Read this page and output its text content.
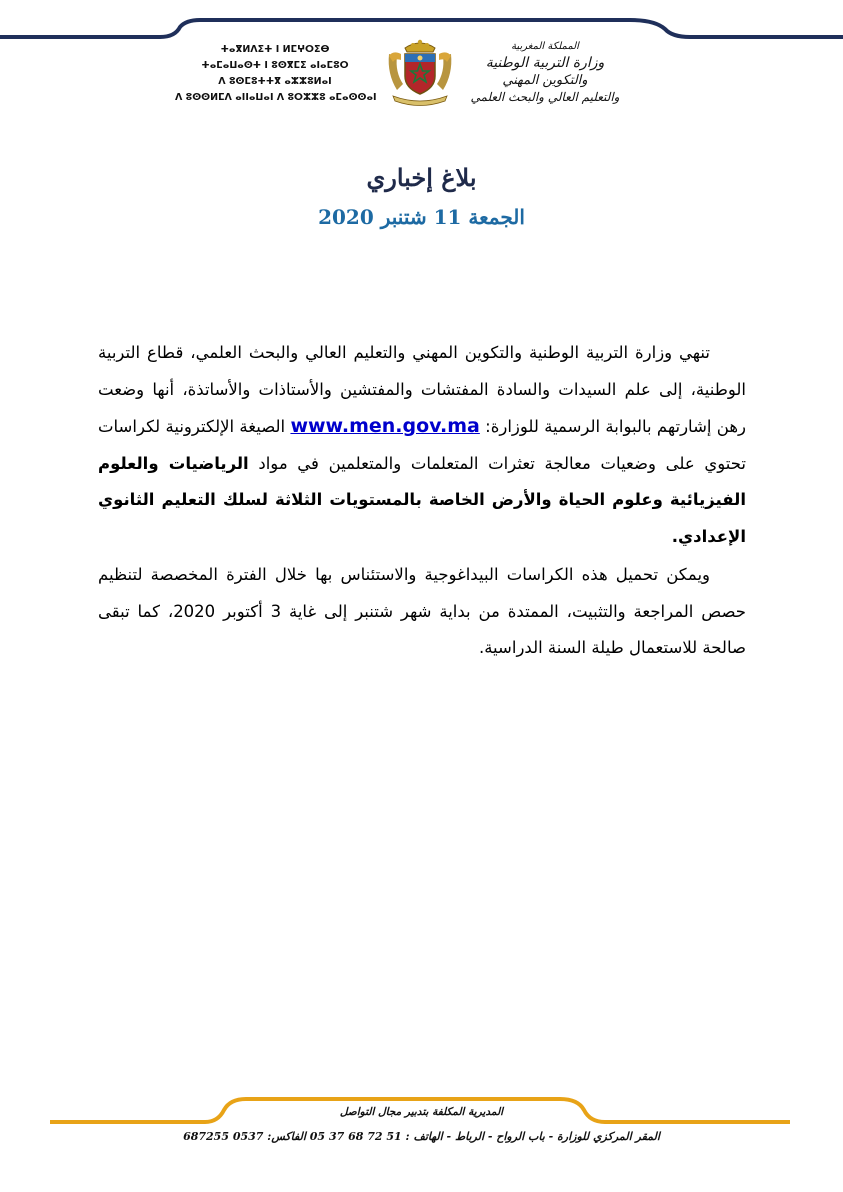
ⵜⴰⴳⵍⴷⵉⵜ ⵏ ⵍⵎⵖⵔⵉⴱ
ⵜⴰⵎⴰⵡⴰⵙⵜ ⵏ ⵓⵙⴳⵎⵉ ⴰⵏⴰⵎⵓⵔ
ⴷ ⵓⵙⵎⵓⵜⵜⴳ ⴰⵣⵣⵓⵍⴰⵏ
ⴷ ⵓⵙⵙⵍⵎⴷ ⴰⵏⵏⴰⵡⴰⵏ ⴷ ⵓⵔⵣⵣⵓ ⴰⵎⴰⵙⵙⴰⵏ
المملكة المغربية
وزارة التربية الوطنية
والتكوين المهني
والتعليم العالي والبحث العلمي
بلاغ إخباري
الجمعة 11 شتنبر 2020

تنهي وزارة التربية الوطنية والتكوين المهني والتعليم العالي والبحث العلمي، قطاع التربية الوطنية، إلى علم السيدات والسادة المفتشات والمفتشين والأستاذات والأساتذة، أنها وضعت رهن إشارتهم بالبوابة الرسمية للوزارة: www.men.gov.ma الصيغة الإلكترونية لكراسات تحتوي على وضعيات معالجة تعثرات المتعلمات والمتعلمين في مواد الرياضيات والعلوم الفيزيائية وعلوم الحياة والأرض الخاصة بالمستويات الثلاثة لسلك التعليم الثانوي الإعدادي.

ويمكن تحميل هذه الكراسات البيداغوجية والاستئناس بها خلال الفترة المخصصة لتنظيم حصص المراجعة والتثبيت، الممتدة من بداية شهر شتنبر إلى غاية 3 أكتوبر 2020، كما تبقى صالحة للاستعمال طيلة السنة الدراسية.

المديرية المكلفة بتدبير مجال التواصل
المقر المركزي للوزارة - باب الرواح - الرباط - الهاتف : 51 72 68 37 05 الفاكس: 0537 687255
